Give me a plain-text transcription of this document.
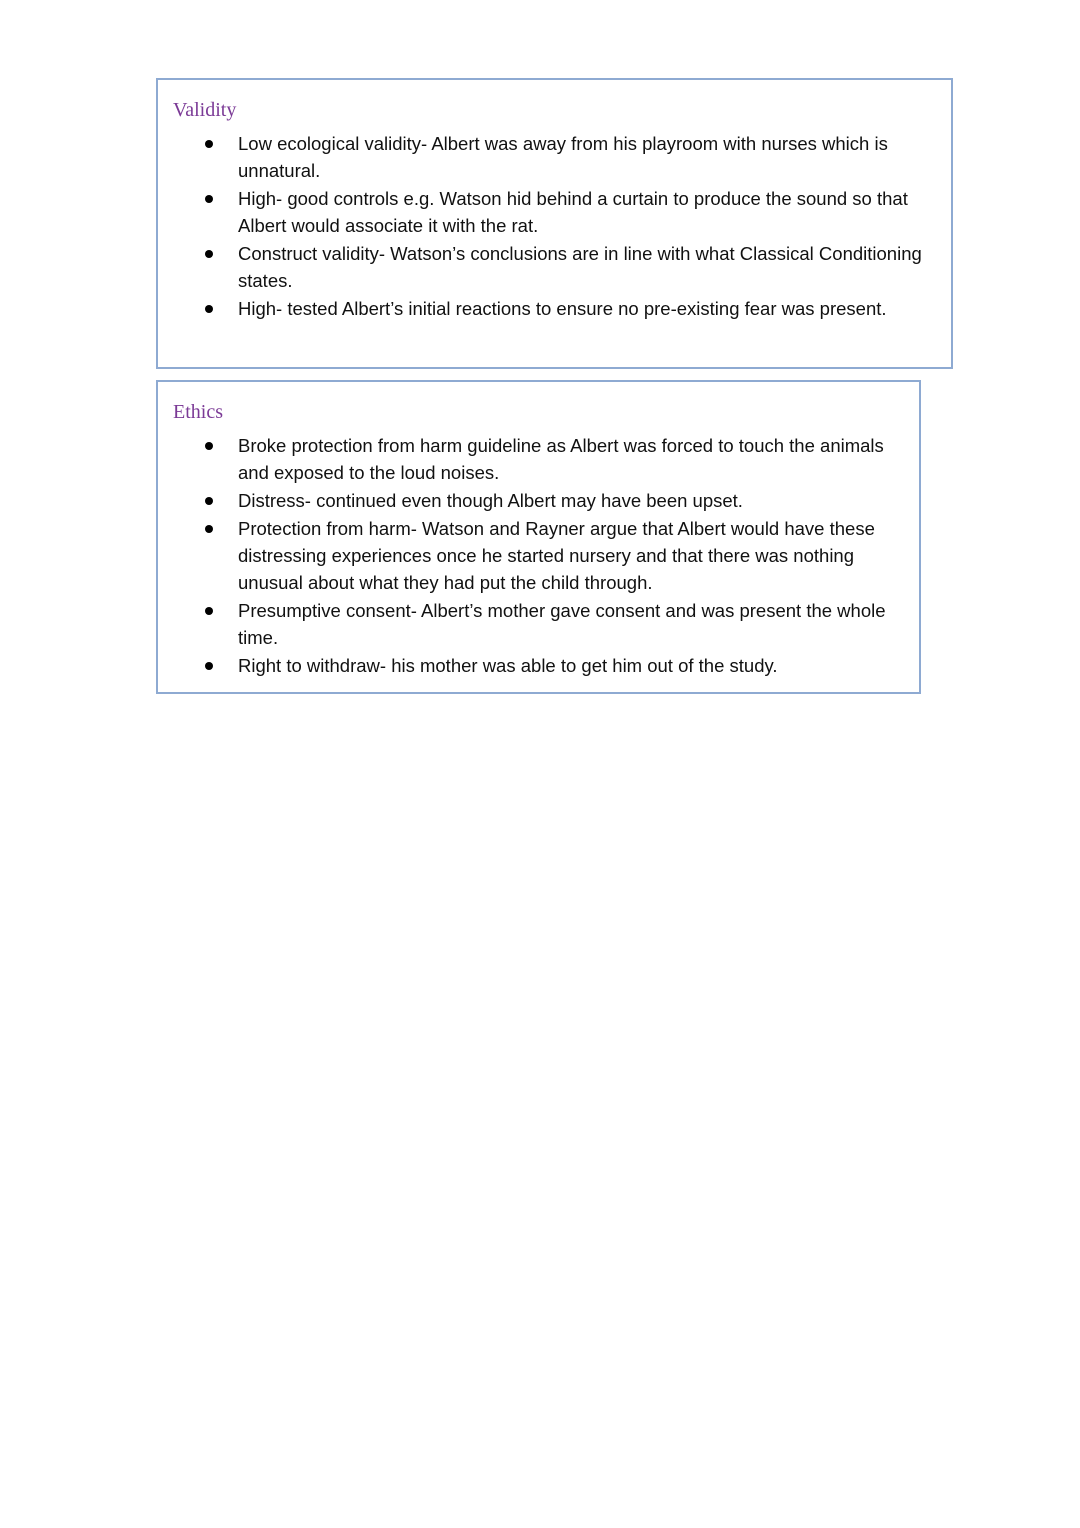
Validity
Low ecological validity- Albert was away from his playroom with nurses which is unnatural.
High- good controls e.g. Watson hid behind a curtain to produce the sound so that Albert would associate it with the rat.
Construct validity- Watson’s conclusions are in line with what Classical Conditioning states.
High- tested Albert’s initial reactions to ensure no pre-existing fear was present.
Ethics
Broke protection from harm guideline as Albert was forced to touch the animals and exposed to the loud noises.
Distress- continued even though Albert may have been upset.
Protection from harm- Watson and Rayner argue that Albert would have these distressing experiences once he started nursery and that there was nothing unusual about what they had put the child through.
Presumptive consent- Albert’s mother gave consent and was present the whole time.
Right to withdraw- his mother was able to get him out of the study.
